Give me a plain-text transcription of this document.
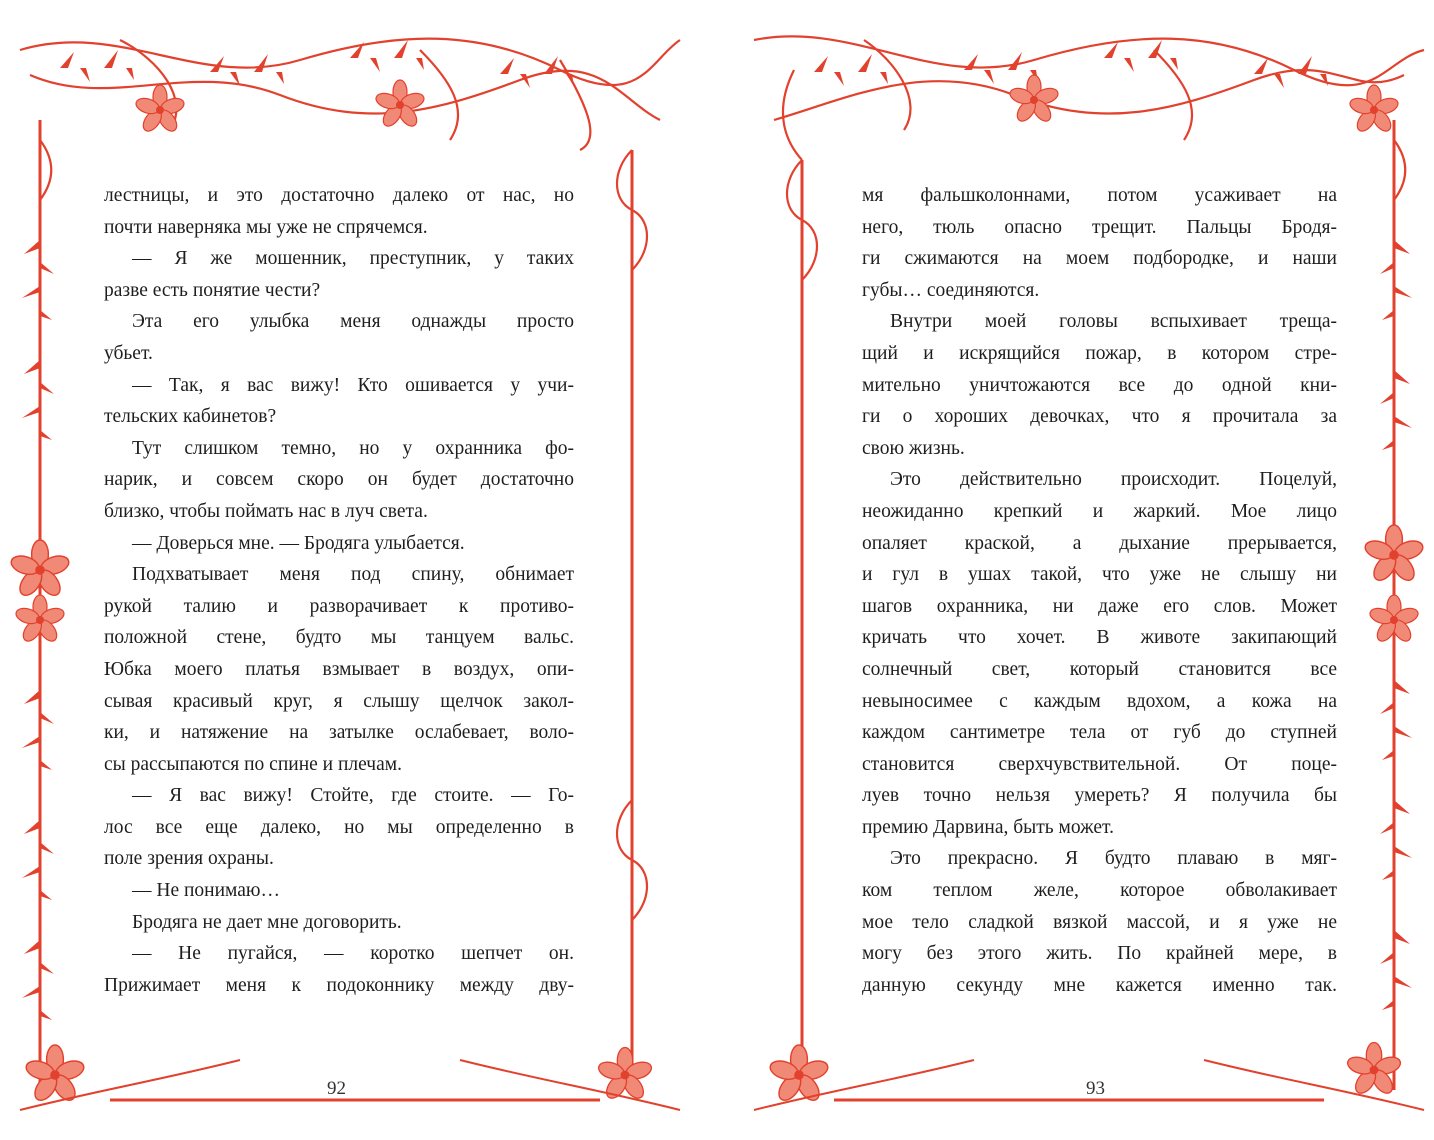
лестницы, и это достаточно далеко от нас, но
почти наверняка мы уже не спрячемся.
— Я же мошенник, преступник, у таких
разве есть понятие чести?
Эта его улыбка меня однажды просто
убьет.
— Так, я вас вижу! Кто ошивается у учи-
тельских кабинетов?
Тут слишком темно, но у охранника фо-
нарик, и совсем скоро он будет достаточно
близко, чтобы поймать нас в луч света.
— Доверься мне. — Бродяга улыбается.
Подхватывает меня под спину, обнимает
рукой талию и разворачивает к противо-
положной стене, будто мы танцуем вальс.
Юбка моего платья взмывает в воздух, опи-
сывая красивый круг, я слышу щелчок закол-
ки, и натяжение на затылке ослабевает, воло-
сы рассыпаются по спине и плечам.
— Я вас вижу! Стойте, где стоите. — Го-
лос все еще далеко, но мы определенно в
поле зрения охраны.
— Не понимаю…
Бродяга не дает мне договорить.
— Не пугайся, — коротко шепчет он.
Прижимает меня к подоконнику между дву-
92
мя фальшколоннами, потом усаживает на
него, тюль опасно трещит. Пальцы Бродя-
ги сжимаются на моем подбородке, и наши
губы… соединяются.
Внутри моей головы вспыхивает треща-
щий и искрящийся пожар, в котором стре-
мительно уничтожаются все до одной кни-
ги о хороших девочках, что я прочитала за
свою жизнь.
Это действительно происходит. Поцелуй,
неожиданно крепкий и жаркий. Мое лицо
опаляет краской, а дыхание прерывается,
и гул в ушах такой, что уже не слышу ни
шагов охранника, ни даже его слов. Может
кричать что хочет. В животе закипающий
солнечный свет, который становится все
невыносимее с каждым вдохом, а кожа на
каждом сантиметре тела от губ до ступней
становится сверхчувствительной. От поце-
луев точно нельзя умереть? Я получила бы
премию Дарвина, быть может.
Это прекрасно. Я будто плаваю в мяг-
ком теплом желе, которое обволакивает
мое тело сладкой вязкой массой, и я уже не
могу без этого жить. По крайней мере, в
данную секунду мне кажется именно так.
93
